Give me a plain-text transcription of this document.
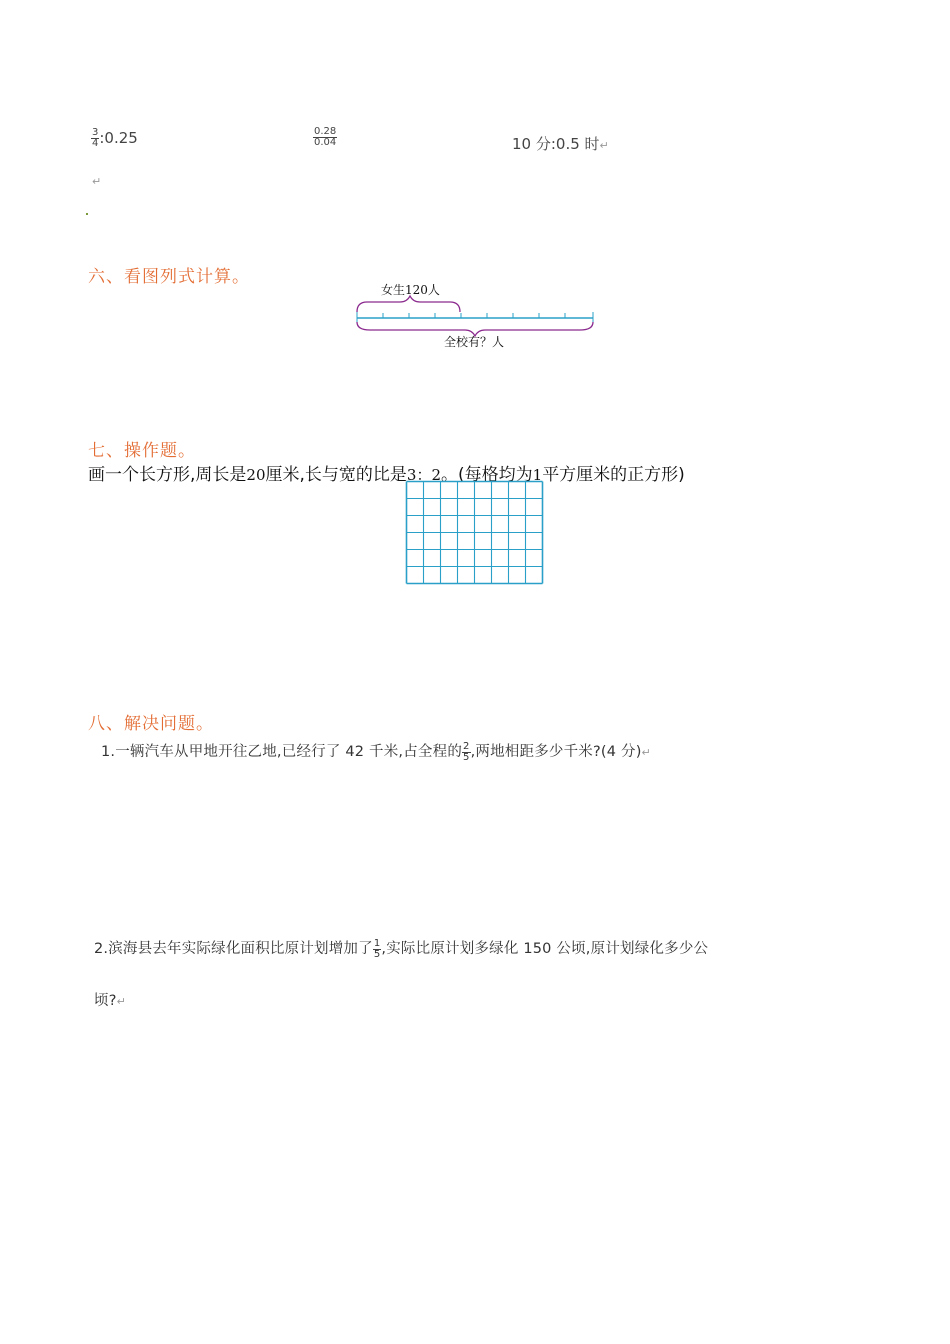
$\frac{3}{4}$ :0.25	$\frac{0.28}{0.04}$	10 分:0.5 时↵
↵
六、看图列式计算。
女生120人
全校有？人
七、操作题。
画一个长方形,周长是20厘米,长与宽的比是3：2。(每格均为1平方厘米的正方形)
八、解决问题。
1.一辆汽车从甲地开往乙地,已经行了 42 千米,占全程的 $\frac{2}{5}$ ,两地相距多少千米?(4 分)↵
2.滨海县去年实际绿化面积比原计划增加了 $\frac{1}{5}$ ,实际比原计划多绿化 150 公顷,原计划绿化多少公
顷?↵
